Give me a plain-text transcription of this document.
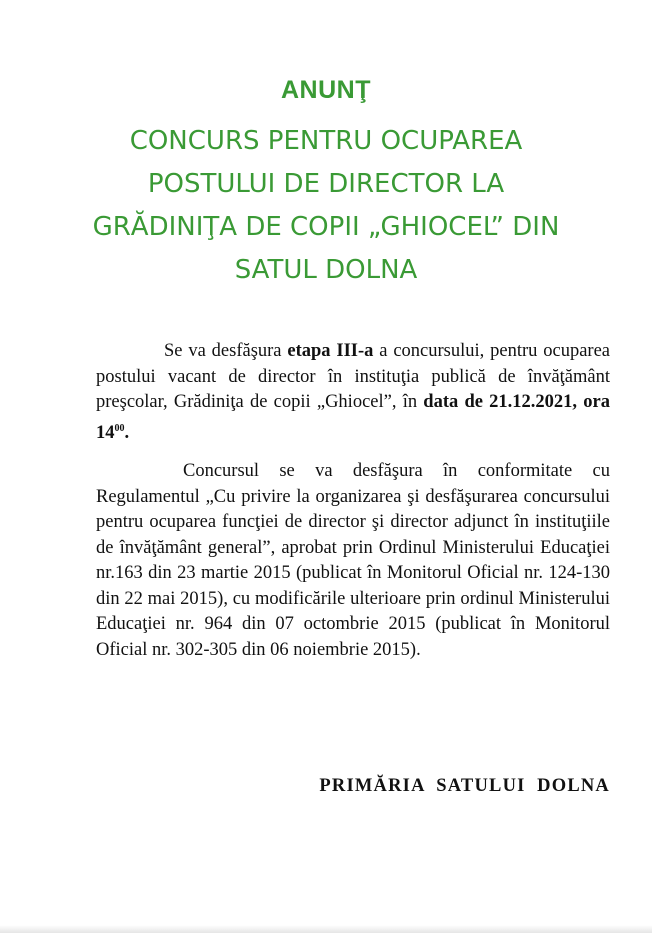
ANUNŢ
CONCURS PENTRU OCUPAREA
POSTULUI DE DIRECTOR LA
GRĂDINIŢA DE COPII „GHIOCEL” DIN
SATUL DOLNA

Se va desfăşura etapa III-a a concursului, pentru ocuparea postului vacant de director în instituţia publică de învăţământ preşcolar, Grădiniţa de copii „Ghiocel”, în data de 21.12.2021, ora $14^{00}$.

Concursul se va desfăşura în conformitate cu Regulamentul „Cu privire la organizarea şi desfăşurarea concursului pentru ocuparea funcţiei de director şi director adjunct în instituţiile de învăţământ general”, aprobat prin Ordinul Ministerului Educaţiei nr.163 din 23 martie 2015 (publicat în Monitorul Oficial nr. 124-130 din 22 mai 2015), cu modificările ulterioare prin ordinul Ministerului Educaţiei nr. 964 din 07 octombrie 2015 (publicat în Monitorul Oficial nr. 302-305 din 06 noiembrie 2015).

PRIMĂRIA  SATULUI  DOLNA
